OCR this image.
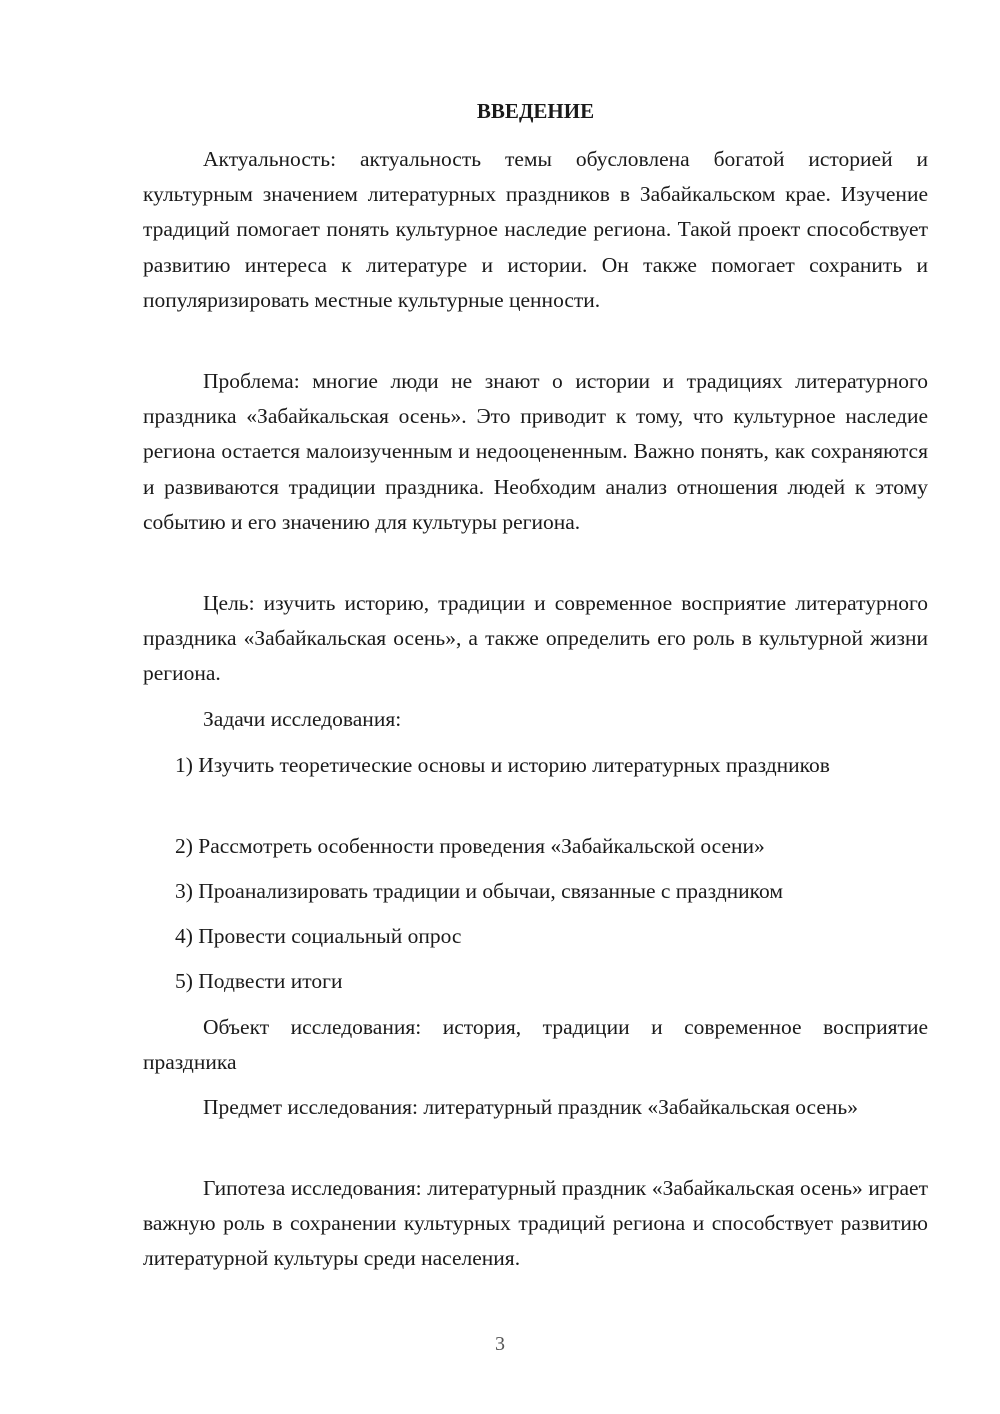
ВВЕДЕНИЕ

Актуальность: актуальность темы обусловлена богатой историей и культурным значением литературных праздников в Забайкальском крае. Изучение традиций помогает понять культурное наследие региона. Такой проект способствует развитию интереса к литературе и истории. Он также помогает сохранить и популяризировать местные культурные ценности.

Проблема: многие люди не знают о истории и традициях литературного праздника «Забайкальская осень». Это приводит к тому, что культурное наследие региона остается малоизученным и недооцененным. Важно понять, как сохраняются и развиваются традиции праздника. Необходим анализ отношения людей к этому событию и его значению для культуры региона.

Цель: изучить историю, традиции и современное восприятие литературного праздника «Забайкальская осень», а также определить его роль в культурной жизни региона.

Задачи исследования:

1) Изучить теоретические основы и историю литературных праздников

2) Рассмотреть особенности проведения «Забайкальской осени»

3) Проанализировать традиции и обычаи, связанные с праздником

4) Провести социальный опрос

5) Подвести итоги

Объект исследования: история, традиции и современное восприятие праздника

Предмет исследования: литературный праздник «Забайкальская осень»

Гипотеза исследования: литературный праздник «Забайкальская осень» играет важную роль в сохранении культурных традиций региона и способствует развитию литературной культуры среди населения.

3
